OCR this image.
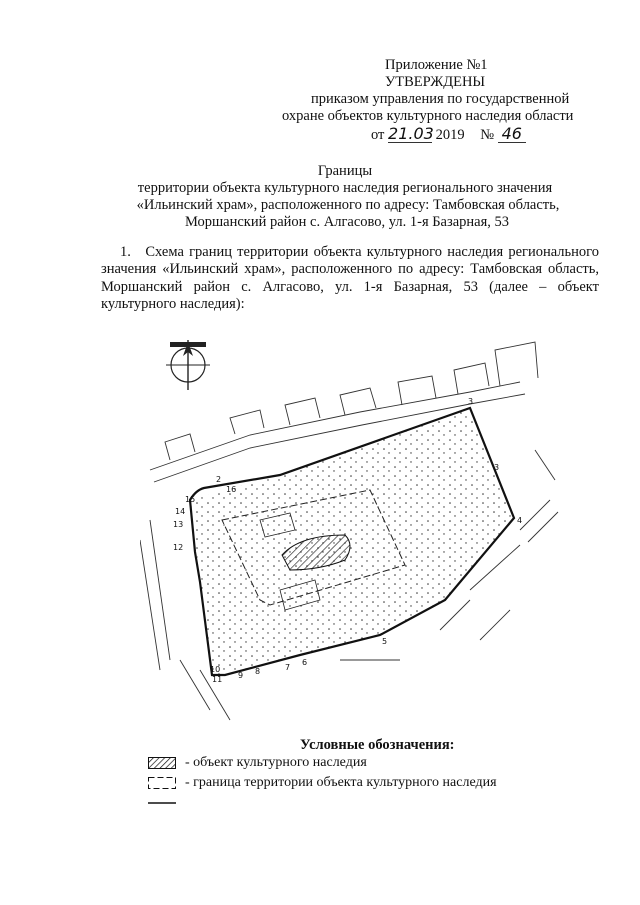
Приложение №1
УТВЕРЖДЕНЫ
приказом управления по государственной
охране объектов культурного наследия области
от 21.03 2019 № 46
Границы
территории объекта культурного наследия регионального значения
«Ильинский храм», расположенного по адресу: Тамбовская область,
Моршанский район с. Алгасово, ул. 1-я Базарная, 53
1. Схема границ территории объекта культурного наследия регионального значения «Ильинский храм», расположенного по адресу: Тамбовская область, Моршанский район с. Алгасово, ул. 1-я Базарная, 53 (далее – объект культурного наследия):
2
3
3
4
5
6
7
8
9
10
11
12
13
14
15
16
Условные обозначения:
- объект культурного наследия
- граница территории объекта культурного наследия
